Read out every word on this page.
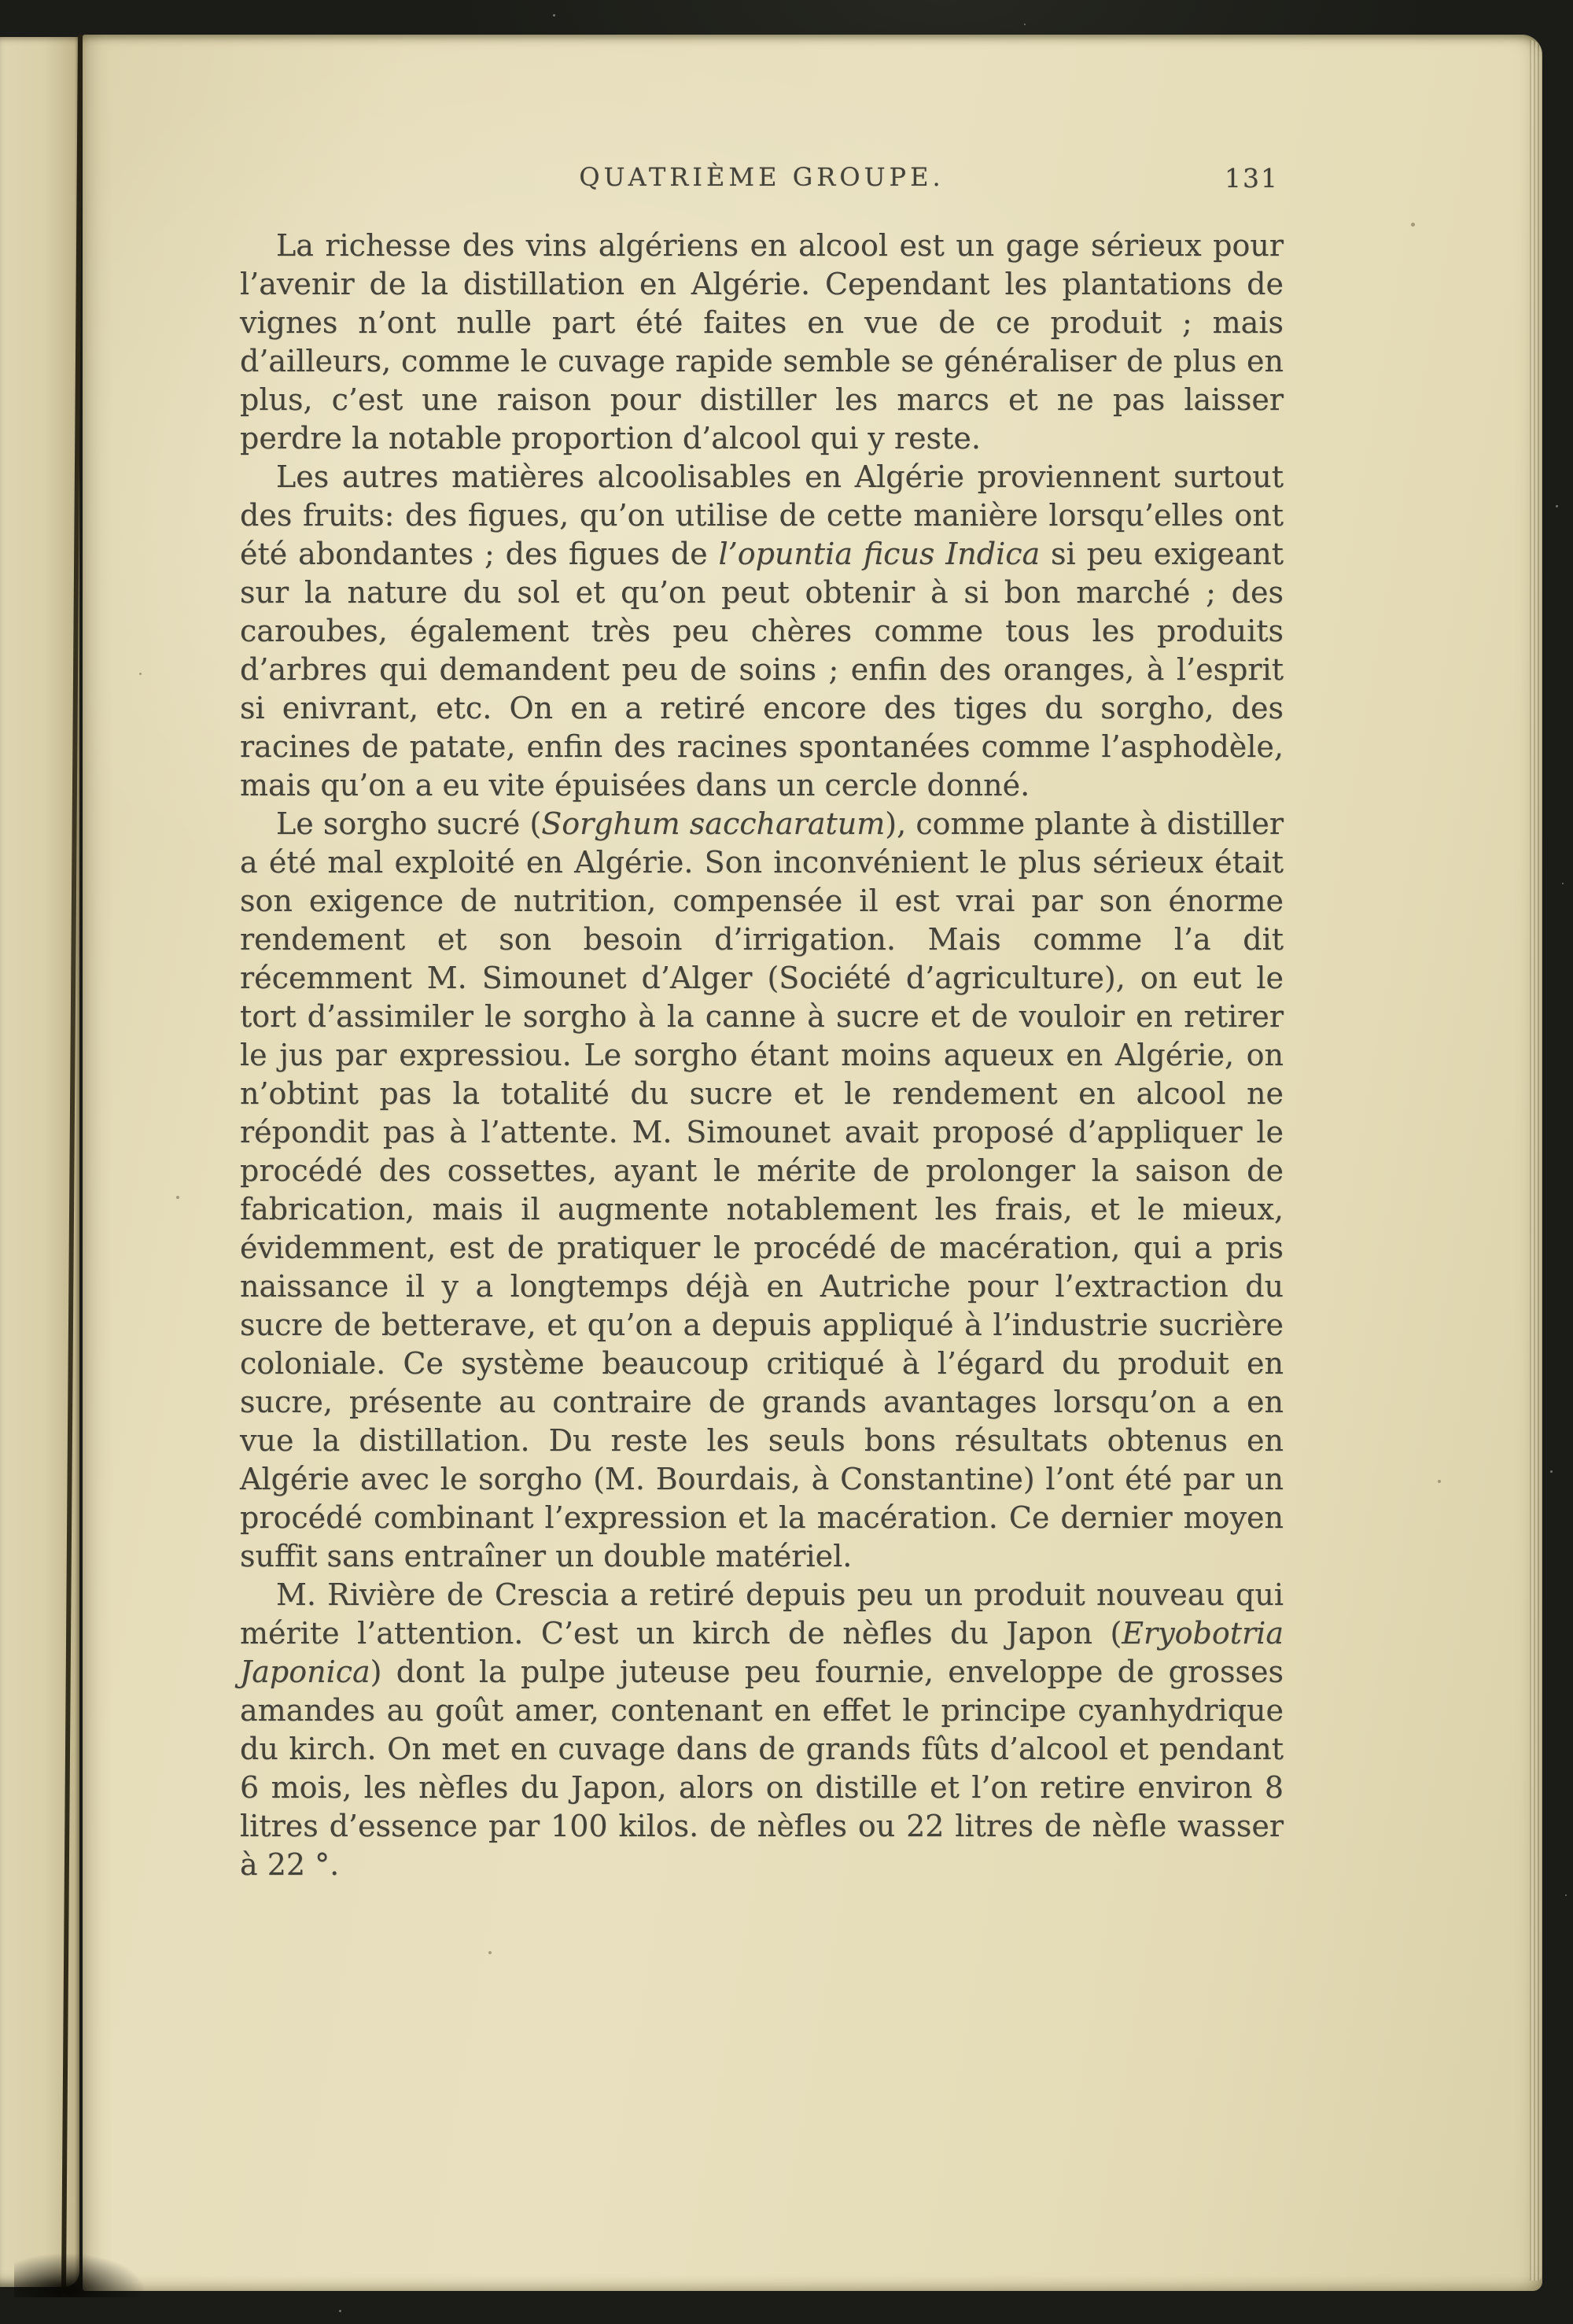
QUATRIÈME GROUPE.	131

La richesse des vins algériens en alcool est un gage sérieux pour l’avenir de la distillation en Algérie. Cependant les plantations de vignes n’ont nulle part été faites en vue de ce produit ; mais d’ailleurs, comme le cuvage rapide semble se généraliser de plus en plus, c’est une raison pour distiller les marcs et ne pas laisser perdre la notable proportion d’alcool qui y reste.

Les autres matières alcoolisables en Algérie proviennent surtout des fruits: des figues, qu’on utilise de cette manière lorsqu’elles ont été abondantes ; des figues de l’opuntia ficus Indica si peu exigeant sur la nature du sol et qu’on peut obtenir à si bon marché ; des caroubes, également très peu chères comme tous les produits d’arbres qui demandent peu de soins ; enfin des oranges, à l’esprit si enivrant, etc. On en a retiré encore des tiges du sorgho, des racines de patate, enfin des racines spontanées comme l’asphodèle, mais qu’on a eu vite épuisées dans un cercle donné.

Le sorgho sucré (Sorghum saccharatum), comme plante à distiller a été mal exploité en Algérie. Son inconvénient le plus sérieux était son exigence de nutrition, compensée il est vrai par son énorme rendement et son besoin d’irrigation. Mais comme l’a dit récemment M. Simounet d’Alger (Société d’agriculture), on eut le tort d’assimiler le sorgho à la canne à sucre et de vouloir en retirer le jus par expressiou. Le sorgho étant moins aqueux en Algérie, on n’obtint pas la totalité du sucre et le rendement en alcool ne répondit pas à l’attente. M. Simounet avait proposé d’appliquer le procédé des cossettes, ayant le mérite de prolonger la saison de fabrication, mais il augmente notablement les frais, et le mieux, évidemment, est de pratiquer le procédé de macération, qui a pris naissance il y a longtemps déjà en Autriche pour l’extraction du sucre de betterave, et qu’on a depuis appliqué à l’industrie sucrière coloniale. Ce système beaucoup critiqué à l’égard du produit en sucre, présente au contraire de grands avantages lorsqu’on a en vue la distillation. Du reste les seuls bons résultats obtenus en Algérie avec le sorgho (M. Bourdais, à Constantine) l’ont été par un procédé combinant l’expression et la macération. Ce dernier moyen suffit sans entraîner un double matériel.

M. Rivière de Crescia a retiré depuis peu un produit nouveau qui mérite l’attention. C’est un kirch de nèfles du Japon (Eryobotria Japonica) dont la pulpe juteuse peu fournie, enveloppe de grosses amandes au goût amer, contenant en effet le principe cyanhydrique du kirch. On met en cuvage dans de grands fûts d’alcool et pendant 6 mois, les nèfles du Japon, alors on distille et l’on retire environ 8 litres d’essence par 100 kilos. de nèfles ou 22 litres de nèfle wasser à 22 °.
